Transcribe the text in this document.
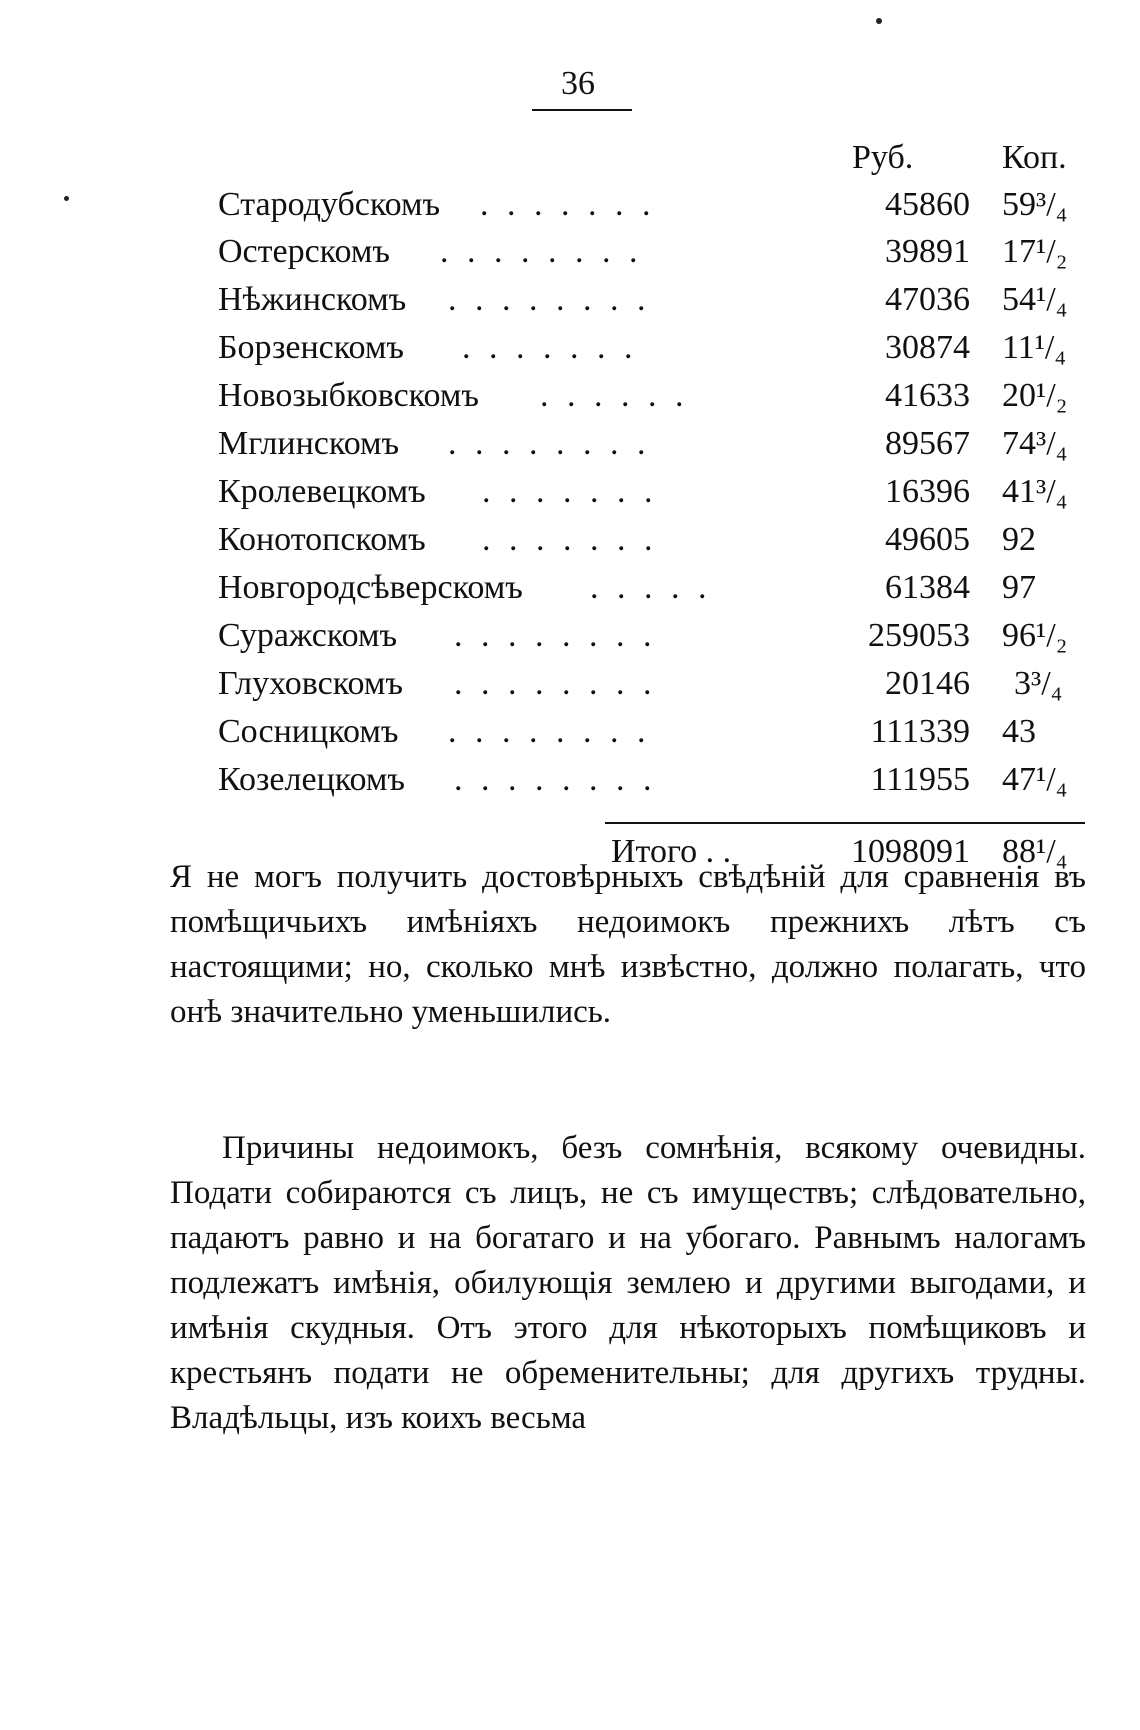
36
Руб.	Коп.
Стародубскомъ . . . . . . .	45860 59³/₄
Остерскомъ . . . . . . . .	39891 17¹/₂
Нѣжинскомъ . . . . . . . .	47036 54¹/₄
Борзенскомъ . . . . . . .	30874 11¹/₄
Новозыбковскомъ . . . . . .	41633 20¹/₂
Мглинскомъ . . . . . . . .	89567 74³/₄
Кролевецкомъ . . . . . . .	16396 41³/₄
Конотопскомъ . . . . . . .	49605 92
Новгородсѣверскомъ . . . . .	61384 97
Суражскомъ . . . . . . . .	259053 96¹/₂
Глуховскомъ . . . . . . . .	20146 3³/₄
Сосницкомъ . . . . . . . .	111339 43
Козелецкомъ . . . . . . . .	111955 47¹/₄
Итого . .	1098091 88¹/₄

Я не могъ получить достовѣрныхъ свѣдѣній для сравненія въ помѣщичьихъ имѣніяхъ недоимокъ прежнихъ лѣтъ съ настоящими; но, сколько мнѣ извѣстно, должно полагать, что онѣ значительно уменьшились.

Причины недоимокъ, безъ сомнѣнія, всякому очевидны. Подати собираются съ лицъ, не съ имуществъ; слѣдовательно, падаютъ равно и на богатаго и на убогаго. Равнымъ налогамъ подлежатъ имѣнія, обилующія землею и другими выгодами, и имѣнія скудныя. Отъ этого для нѣкоторыхъ помѣщиковъ и крестьянъ подати не обременительны; для другихъ трудны. Владѣльцы, изъ коихъ весьма
